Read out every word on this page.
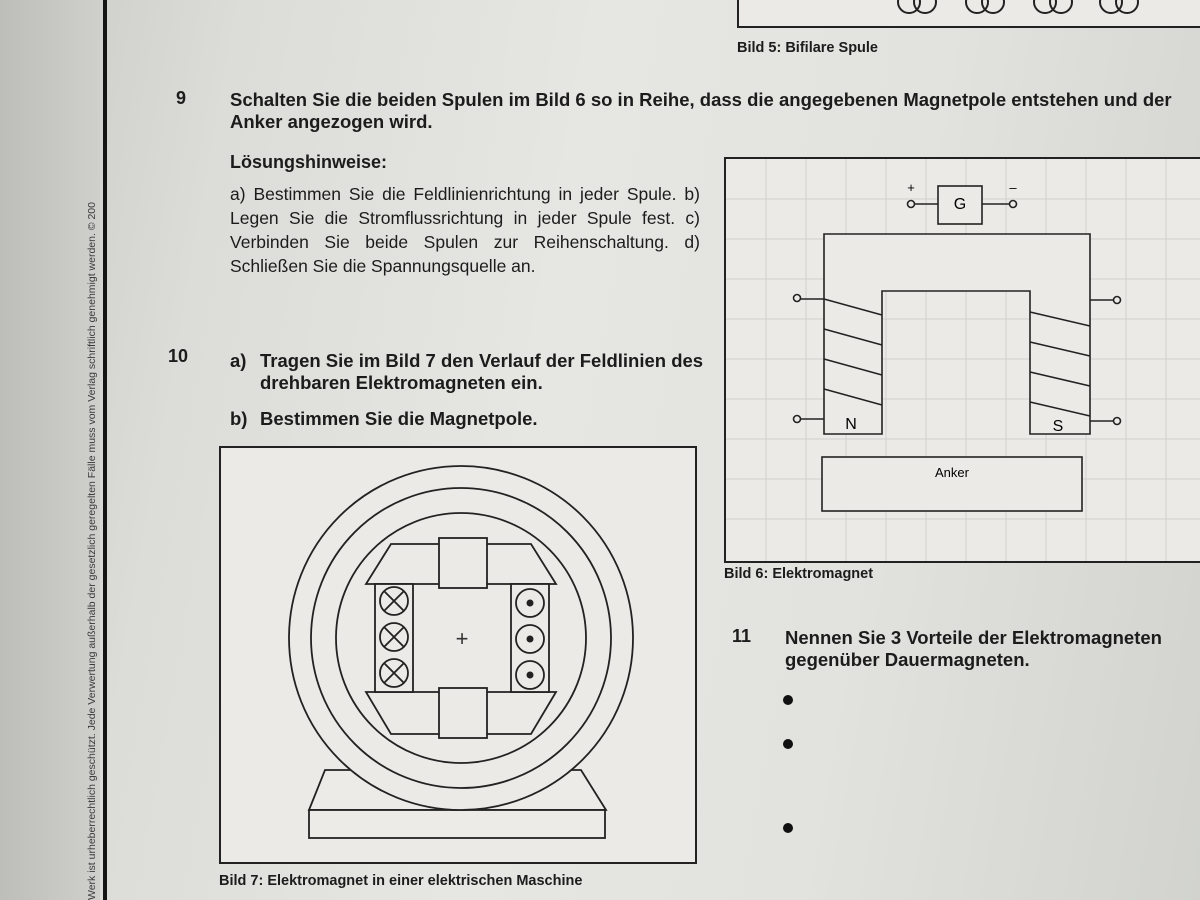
Werk ist urheberrechtlich geschützt. Jede Verwertung außerhalb der gesetzlich geregelten Fälle muss vom Verlag schriftlich genehmigt werden. © 200
Bild 5: Bifilare Spule
9 Schalten Sie die beiden Spulen im Bild 6 so in Reihe, dass die angegebenen Magnetpole entstehen und der Anker angezogen wird.
Lösungshinweise:
a) Bestimmen Sie die Feldlinienrichtung in jeder Spule. b) Legen Sie die Stromflussrichtung in jeder Spule fest. c) Verbinden Sie beide Spulen zur Reihenschaltung. d) Schließen Sie die Spannungsquelle an.
10 a) Tragen Sie im Bild 7 den Verlauf der Feldlinien des drehbaren Elektromagneten ein.
b) Bestimmen Sie die Magnetpole.
G
+	–
N	S
Anker
Bild 6: Elektromagnet
11 Nennen Sie 3 Vorteile der Elektromagneten gegenüber Dauermagneten.
+
Bild 7: Elektromagnet in einer elektrischen Maschine
